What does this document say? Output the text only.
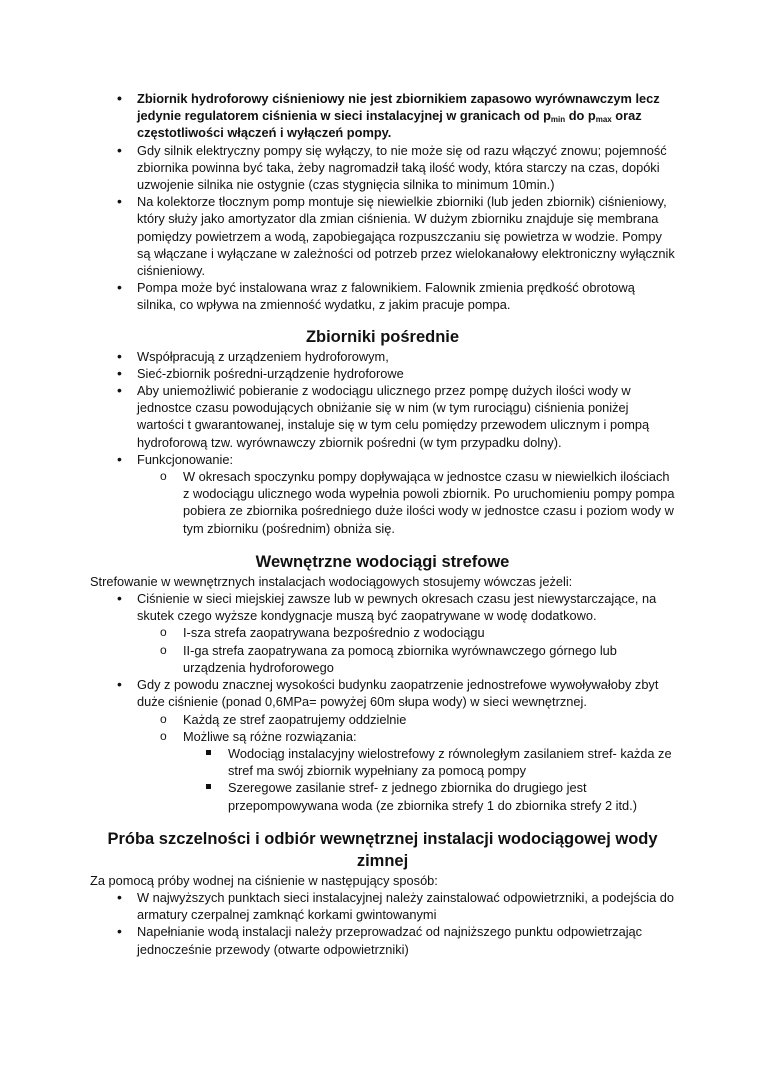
• Zbiornik hydroforowy ciśnieniowy nie jest zbiornikiem zapasowo wyrównawczym lecz jedynie regulatorem ciśnienia w sieci instalacyjnej w granicach od $p_{min}$ do $p_{max}$ oraz częstotliwości włączeń i wyłączeń pompy.
• Gdy silnik elektryczny pompy się wyłączy, to nie może się od razu włączyć znowu; pojemność zbiornika powinna być taka, żeby nagromadził taką ilość wody, która starczy na czas, dopóki uzwojenie silnika nie ostygnie (czas stygnięcia silnika to minimum 10min.)
• Na kolektorze tłocznym pomp montuje się niewielkie zbiorniki (lub jeden zbiornik) ciśnieniowy, który służy jako amortyzator dla zmian ciśnienia. W dużym zbiorniku znajduje się membrana pomiędzy powietrzem a wodą, zapobiegająca rozpuszczaniu się powietrza w wodzie. Pompy są włączane i wyłączane w zależności od potrzeb przez wielokanałowy elektroniczny wyłącznik ciśnieniowy.
• Pompa może być instalowana wraz z falownikiem. Falownik zmienia prędkość obrotową silnika, co wpływa na zmienność wydatku, z jakim pracuje pompa.
Zbiorniki pośrednie
• Współpracują z urządzeniem hydroforowym,
• Sieć-zbiornik pośredni-urządzenie hydroforowe
• Aby uniemożliwić pobieranie z wodociągu ulicznego przez pompę dużych ilości wody w jednostce czasu powodujących obniżanie się w nim (w tym rurociągu) ciśnienia poniżej wartości t gwarantowanej, instaluje się w tym celu pomiędzy przewodem ulicznym i pompą hydroforową tzw. wyrównawczy zbiornik pośredni (w tym przypadku dolny).
• Funkcjonowanie:
o W okresach spoczynku pompy dopływająca w jednostce czasu w niewielkich ilościach z wodociągu ulicznego woda wypełnia powoli zbiornik. Po uruchomieniu pompy pompa pobiera ze zbiornika pośredniego duże ilości wody w jednostce czasu i poziom wody w tym zbiorniku (pośrednim) obniża się.
Wewnętrzne wodociągi strefowe

Strefowanie w wewnętrznych instalacjach wodociągowych stosujemy wówczas jeżeli:

• Ciśnienie w sieci miejskiej zawsze lub w pewnych okresach czasu jest niewystarczające, na skutek czego wyższe kondygnacje muszą być zaopatrywane w wodę dodatkowo.
o I-sza strefa zaopatrywana bezpośrednio z wodociągu
o II-ga strefa zaopatrywana za pomocą zbiornika wyrównawczego górnego lub urządzenia hydroforowego
• Gdy z powodu znacznej wysokości budynku zaopatrzenie jednostrefowe wywoływałoby zbyt duże ciśnienie (ponad 0,6MPa= powyżej 60m słupa wody) w sieci wewnętrznej.
o Każdą ze stref zaopatrujemy oddzielnie
o Możliwe są różne rozwiązania:
Wodociąg instalacyjny wielostrefowy z równoległym zasilaniem stref- każda ze stref ma swój zbiornik wypełniany za pomocą pompy
Szeregowe zasilanie stref- z jednego zbiornika do drugiego jest przepompowywana woda (ze zbiornika strefy 1 do zbiornika strefy 2 itd.)
Próba szczelności i odbiór wewnętrznej instalacji wodociągowej wody zimnej

Za pomocą próby wodnej na ciśnienie w następujący sposób:

• W najwyższych punktach sieci instalacyjnej należy zainstalować odpowietrzniki, a podejścia do armatury czerpalnej zamknąć korkami gwintowanymi
• Napełnianie wodą instalacji należy przeprowadzać od najniższego punktu odpowietrzając jednocześnie przewody (otwarte odpowietrzniki)
